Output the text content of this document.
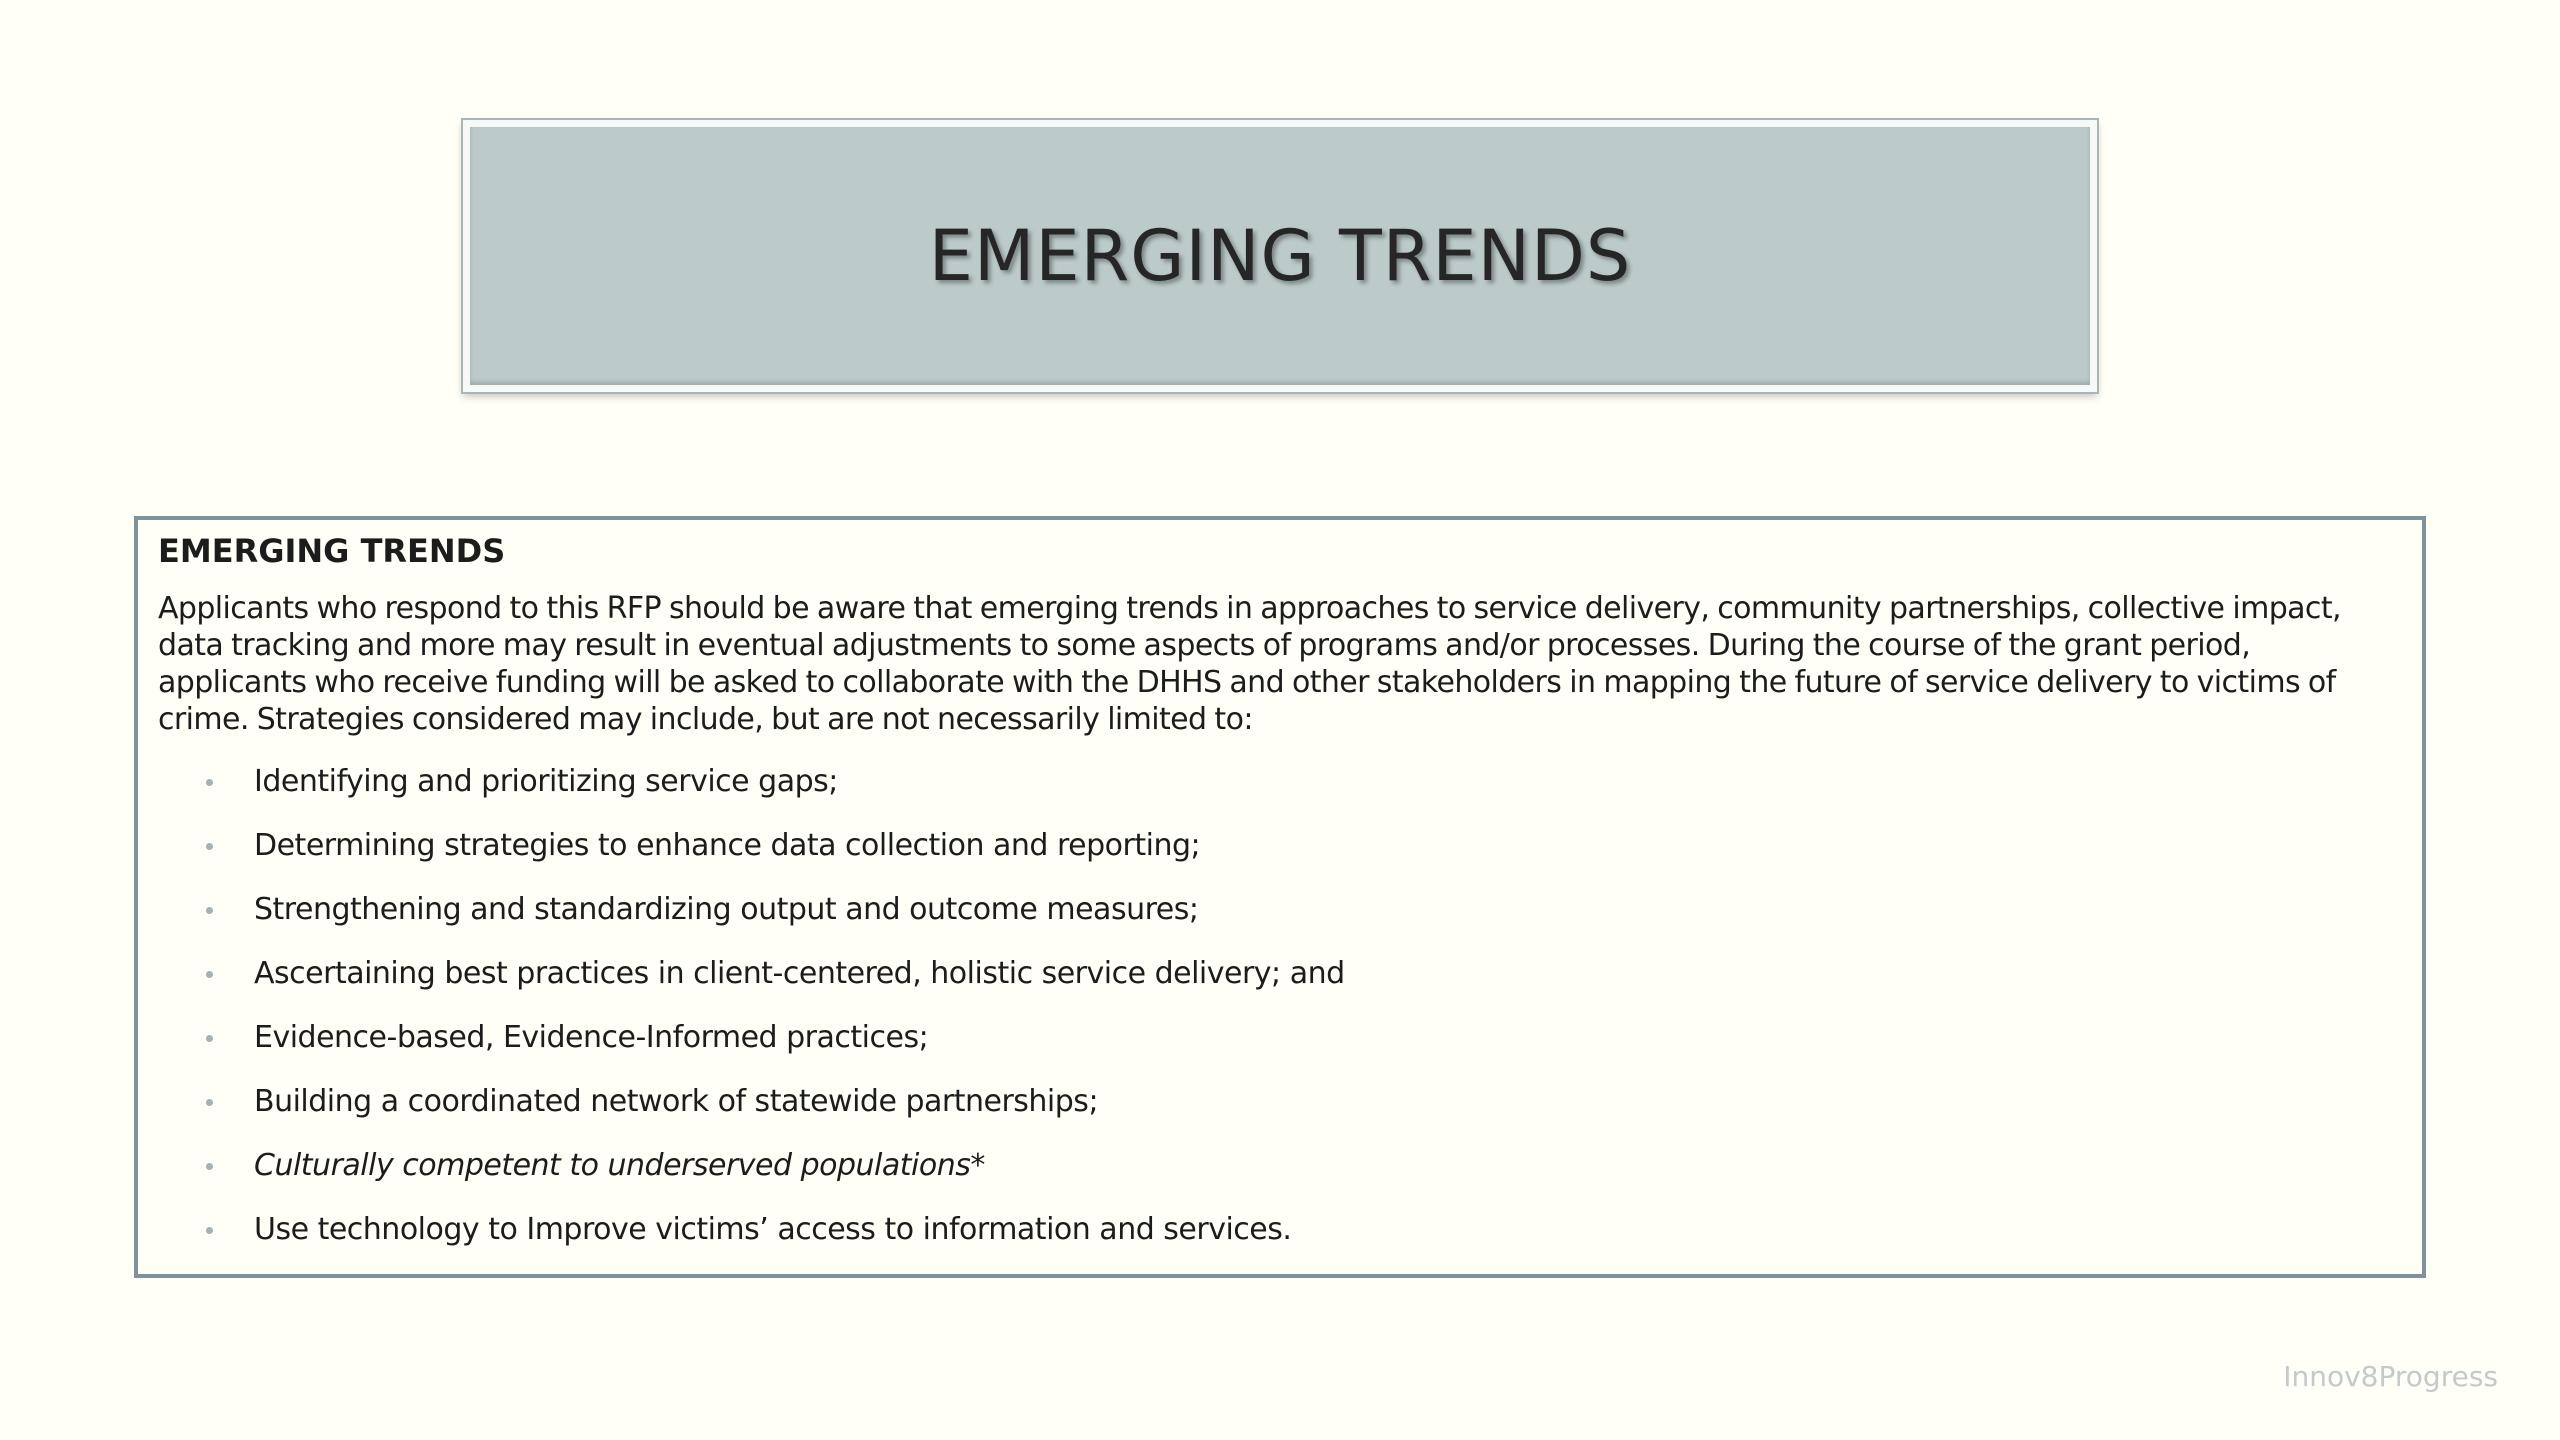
EMERGING TRENDS
EMERGING TRENDS

Applicants who respond to this RFP should be aware that emerging trends in approaches to service delivery, community partnerships, collective impact, data tracking and more may result in eventual adjustments to some aspects of programs and/or processes. During the course of the grant period, applicants who receive funding will be asked to collaborate with the DHHS and other stakeholders in mapping the future of service delivery to victims of crime. Strategies considered may include, but are not necessarily limited to:

Identifying and prioritizing service gaps;
Determining strategies to enhance data collection and reporting;
Strengthening and standardizing output and outcome measures;
Ascertaining best practices in client-centered, holistic service delivery; and
Evidence-based, Evidence-Informed practices;
Building a coordinated network of statewide partnerships;
Culturally competent to underserved populations*
Use technology to Improve victims’ access to information and services.
Innov8Progress
